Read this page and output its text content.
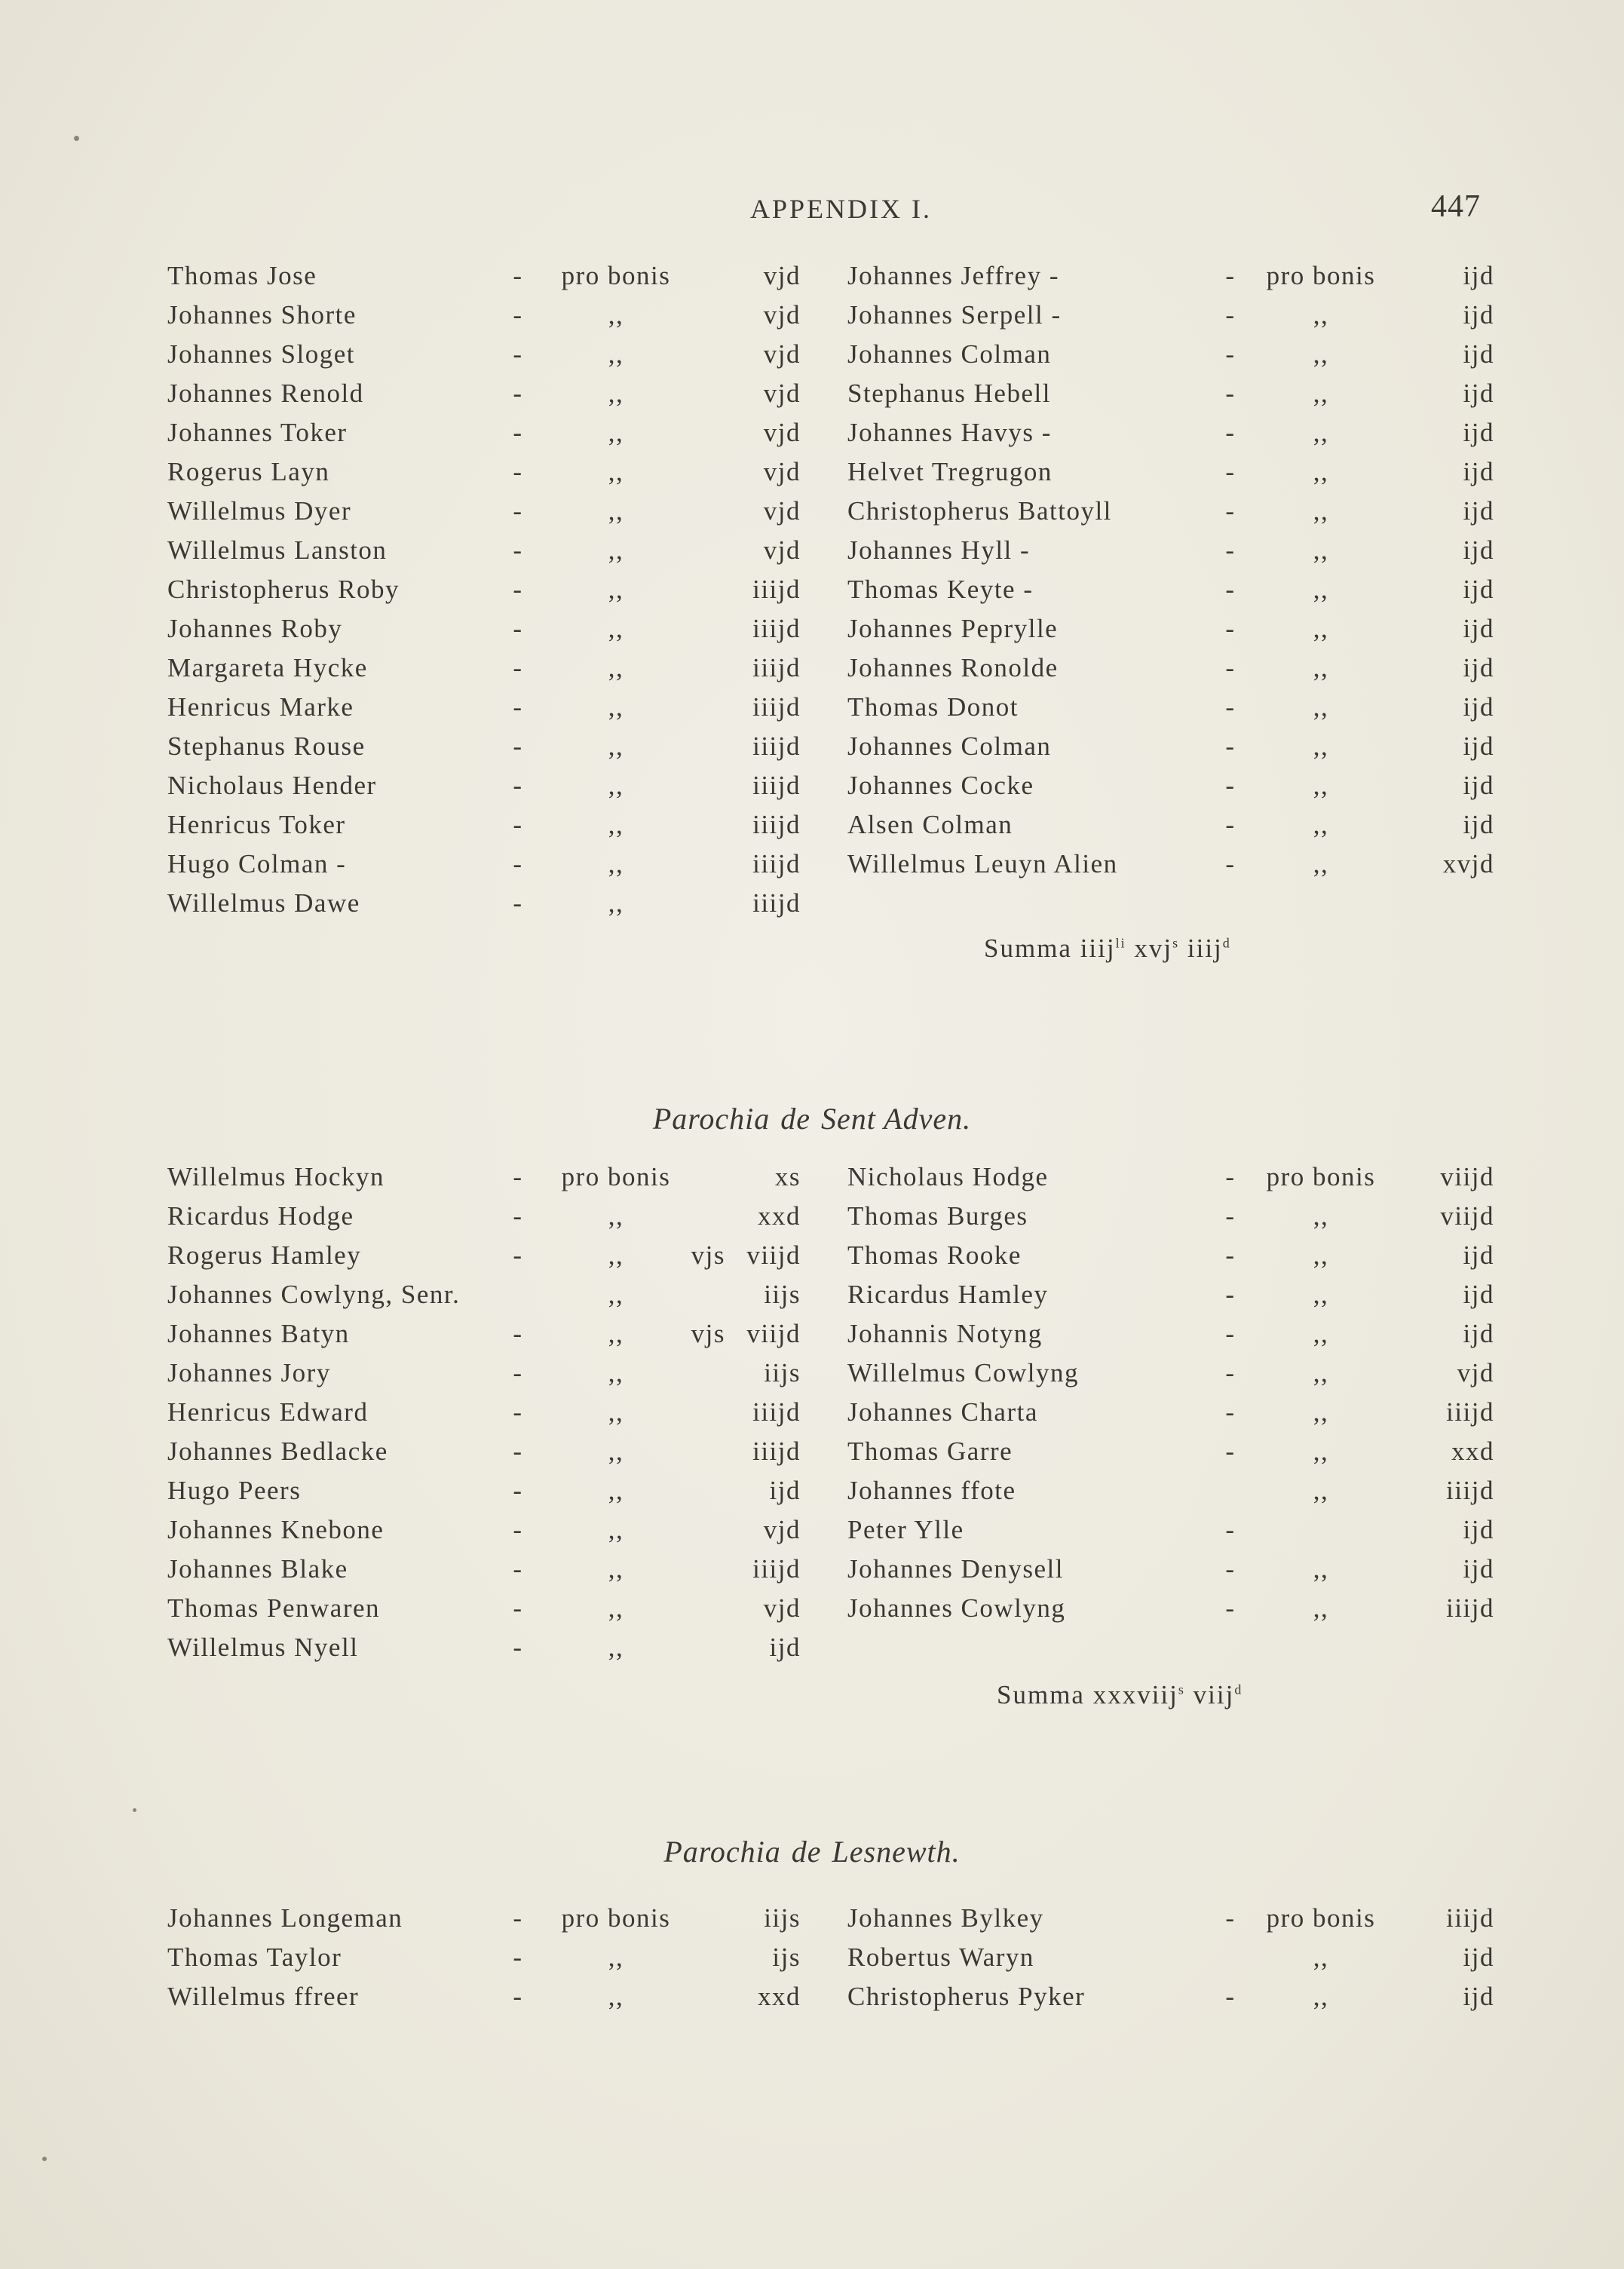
APPENDIX I.	447
Thomas Jose	-	pro bonis		vjd		Johannes Jeffrey -	-	pro bonis	ijd
Johannes Shorte	-	,,		vjd		Johannes Serpell -	-	,,	ijd
Johannes Sloget	-	,,		vjd		Johannes Colman	-	,,	ijd
Johannes Renold	-	,,		vjd		Stephanus Hebell	-	,,	ijd
Johannes Toker	-	,,		vjd		Johannes Havys -	-	,,	ijd
Rogerus Layn	-	,,		vjd		Helvet Tregrugon	-	,,	ijd
Willelmus Dyer	-	,,		vjd		Christopherus Battoyll	-	,,	ijd
Willelmus Lanston	-	,,		vjd		Johannes Hyll -	-	,,	ijd
Christopherus Roby	-	,,		iiijd		Thomas Keyte -	-	,,	ijd
Johannes Roby	-	,,		iiijd		Johannes Peprylle	-	,,	ijd
Margareta Hycke	-	,,		iiijd		Johannes Ronolde	-	,,	ijd
Henricus Marke	-	,,		iiijd		Thomas Donot	-	,,	ijd
Stephanus Rouse	-	,,		iiijd		Johannes Colman	-	,,	ijd
Nicholaus Hender	-	,,		iiijd		Johannes Cocke	-	,,	ijd
Henricus Toker	-	,,		iiijd		Alsen Colman	-	,,	ijd
Hugo Colman -	-	,,		iiijd		Willelmus Leuyn Alien	-	,,	xvjd
Willelmus Dawe	-	,,		iiijd					
Summa iiij$^{li}$ xvj$^s$ iiij$^d$
Parochia de Sent Adven.
Willelmus Hockyn	-	pro bonis		xs		Nicholaus Hodge	-	pro bonis	viijd
Ricardus Hodge	-	,,		xxd		Thomas Burges	-	,,	viijd
Rogerus Hamley	-	,,	vjs	viijd		Thomas Rooke	-	,,	ijd
Johannes Cowlyng, Senr.		,,		iijs		Ricardus Hamley	-	,,	ijd
Johannes Batyn	-	,,	vjs	viijd		Johannis Notyng	-	,,	ijd
Johannes Jory	-	,,		iijs		Willelmus Cowlyng	-	,,	vjd
Henricus Edward	-	,,		iiijd		Johannes Charta	-	,,	iiijd
Johannes Bedlacke	-	,,		iiijd		Thomas Garre	-	,,	xxd
Hugo Peers	-	,,		ijd		Johannes ffote		,,	iiijd
Johannes Knebone	-	,,		vjd		Peter Ylle	-		ijd
Johannes Blake	-	,,		iiijd		Johannes Denysell	-	,,	ijd
Thomas Penwaren	-	,,		vjd		Johannes Cowlyng	-	,,	iiijd
Willelmus Nyell	-	,,		ijd					
Summa xxxviij$^s$ viij$^d$
Parochia de Lesnewth.
Johannes Longeman	-	pro bonis		iijs		Johannes Bylkey	-	pro bonis	iiijd
Thomas Taylor	-	,,		ijs		Robertus Waryn		,,	ijd
Willelmus ffreer	-	,,		xxd		Christopherus Pyker	-	,,	ijd
